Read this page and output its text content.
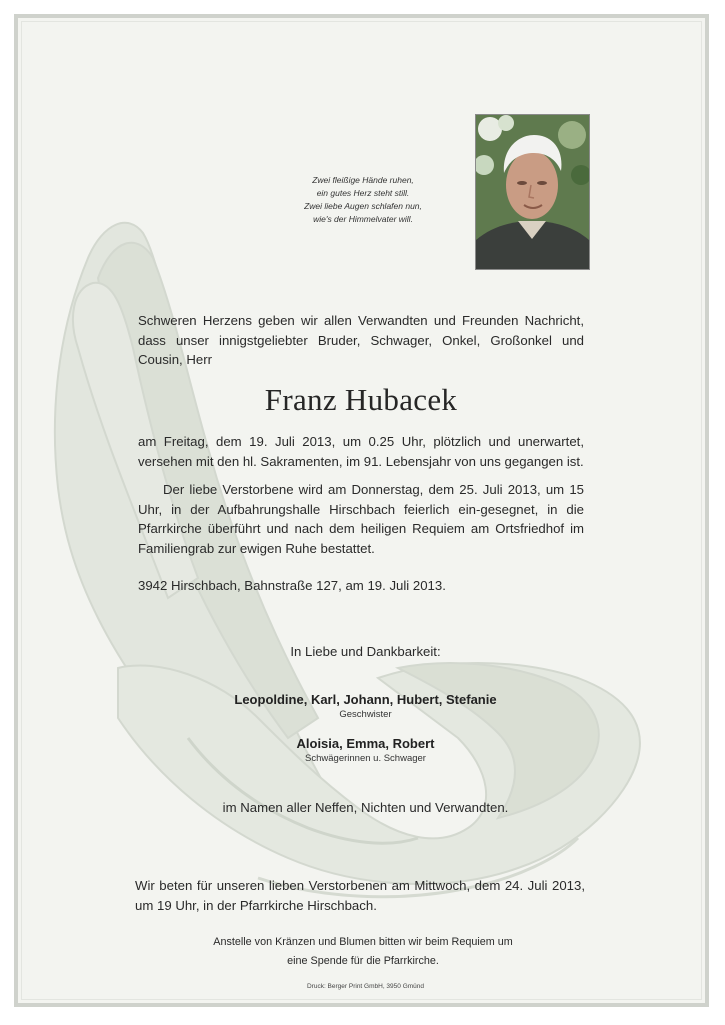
Zwei fleißige Hände ruhen,
ein gutes Herz steht still.
Zwei liebe Augen schlafen nun,
wie's der Himmelvater will.
Schweren Herzens geben wir allen Verwandten und Freunden Nachricht, dass unser innigstgeliebter Bruder, Schwager, Onkel, Großonkel und Cousin, Herr
Franz Hubacek

am Freitag, dem 19. Juli 2013, um 0.25 Uhr, plötzlich und unerwartet, versehen mit den hl. Sakramenten, im 91. Lebensjahr von uns gegangen ist.

Der liebe Verstorbene wird am Donnerstag, dem 25. Juli 2013, um 15 Uhr, in der Aufbahrungshalle Hirschbach feierlich ein-gesegnet, in die Pfarrkirche überführt und nach dem heiligen Requiem am Ortsfriedhof im Familiengrab zur ewigen Ruhe bestattet.

3942 Hirschbach, Bahnstraße 127, am 19. Juli 2013.

In Liebe und Dankbarkeit:
Leopoldine, Karl, Johann, Hubert, Stefanie
Geschwister
Aloisia, Emma, Robert
Schwägerinnen u. Schwager
im Namen aller Neffen, Nichten und Verwandten.
Wir beten für unseren lieben Verstorbenen am Mittwoch, dem 24. Juli 2013, um 19 Uhr, in der Pfarrkirche Hirschbach.
Anstelle von Kränzen und Blumen bitten wir beim Requiem um eine Spende für die Pfarrkirche.
Druck: Berger Print GmbH, 3950 Gmünd
